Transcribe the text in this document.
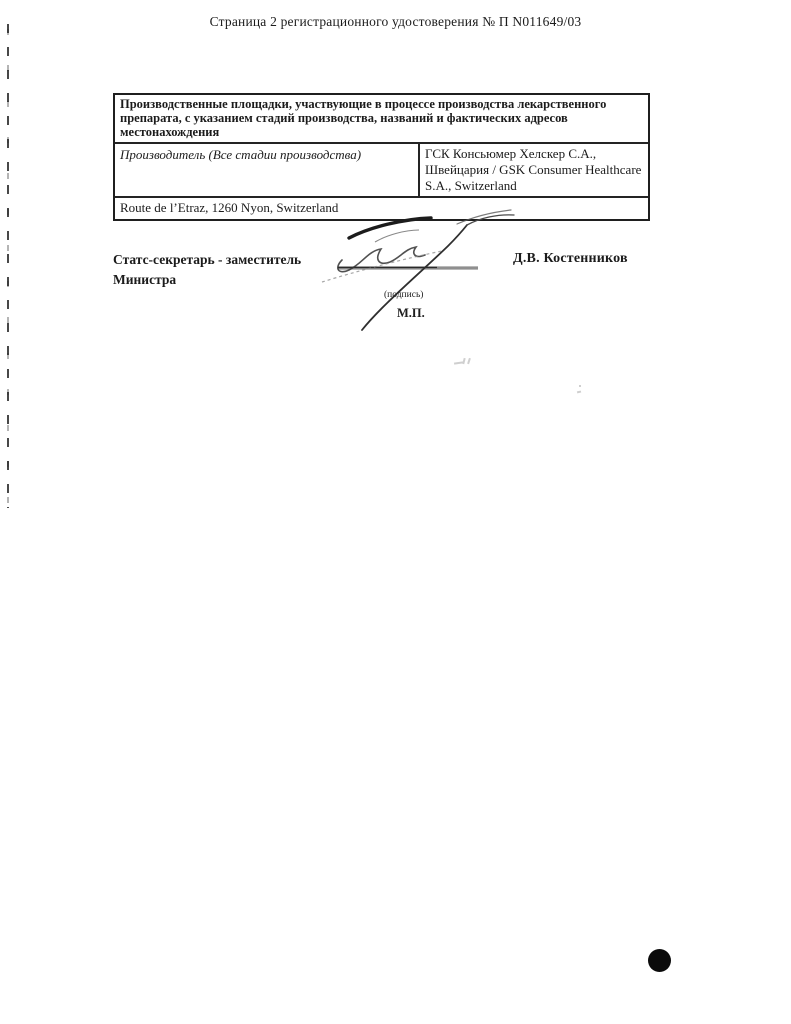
Страница 2 регистрационного удостоверения № П N011649/03
Производственные площадки, участвующие в процессе производства лекарственного препарата, с указанием стадий производства, названий и фактических адресов местонахождения
Производитель (Все стадии производства)	ГСК Консьюмер Хелскер С.А., Швейцария / GSK Consumer Healthcare S.A., Switzerland
Route de l’Etraz, 1260 Nyon, Switzerland
Статс-секретарь - заместитель Министра
Д.В. Костенников
(подпись)
М.П.
